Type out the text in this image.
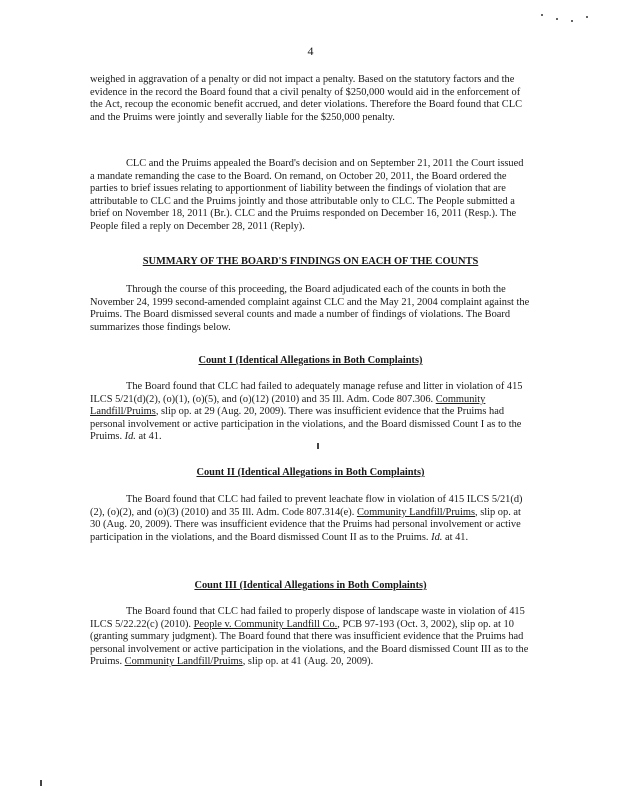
4

weighed in aggravation of a penalty or did not impact a penalty. Based on the statutory factors and the evidence in the record the Board found that a civil penalty of $250,000 would aid in the enforcement of the Act, recoup the economic benefit accrued, and deter violations. Therefore the Board found that CLC and the Pruims were jointly and severally liable for the $250,000 penalty.

CLC and the Pruims appealed the Board's decision and on September 21, 2011 the Court issued a mandate remanding the case to the Board. On remand, on October 20, 2011, the Board ordered the parties to brief issues relating to apportionment of liability between the findings of violation that are attributable to CLC and the Pruims jointly and those attributable only to CLC. The People submitted a brief on November 18, 2011 (Br.). CLC and the Pruims responded on December 16, 2011 (Resp.). The People filed a reply on December 28, 2011 (Reply).

SUMMARY OF THE BOARD'S FINDINGS ON EACH OF THE COUNTS

Through the course of this proceeding, the Board adjudicated each of the counts in both the November 24, 1999 second-amended complaint against CLC and the May 21, 2004 complaint against the Pruims. The Board dismissed several counts and made a number of findings of violations. The Board summarizes those findings below.

Count I (Identical Allegations in Both Complaints)

The Board found that CLC had failed to adequately manage refuse and litter in violation of 415 ILCS 5/21(d)(2), (o)(1), (o)(5), and (o)(12) (2010) and 35 Ill. Adm. Code 807.306. Community Landfill/Pruims, slip op. at 29 (Aug. 20, 2009). There was insufficient evidence that the Pruims had personal involvement or active participation in the violations, and the Board dismissed Count I as to the Pruims. Id. at 41.

Count II (Identical Allegations in Both Complaints)

The Board found that CLC had failed to prevent leachate flow in violation of 415 ILCS 5/21(d)(2), (o)(2), and (o)(3) (2010) and 35 Ill. Adm. Code 807.314(e). Community Landfill/Pruims, slip op. at 30 (Aug. 20, 2009). There was insufficient evidence that the Pruims had personal involvement or active participation in the violations, and the Board dismissed Count II as to the Pruims. Id. at 41.

Count III (Identical Allegations in Both Complaints)

The Board found that CLC had failed to properly dispose of landscape waste in violation of 415 ILCS 5/22.22(c) (2010). People v. Community Landfill Co., PCB 97-193 (Oct. 3, 2002), slip op. at 10 (granting summary judgment). The Board found that there was insufficient evidence that the Pruims had personal involvement or active participation in the violations, and the Board dismissed Count III as to the Pruims. Community Landfill/Pruims, slip op. at 41 (Aug. 20, 2009).
